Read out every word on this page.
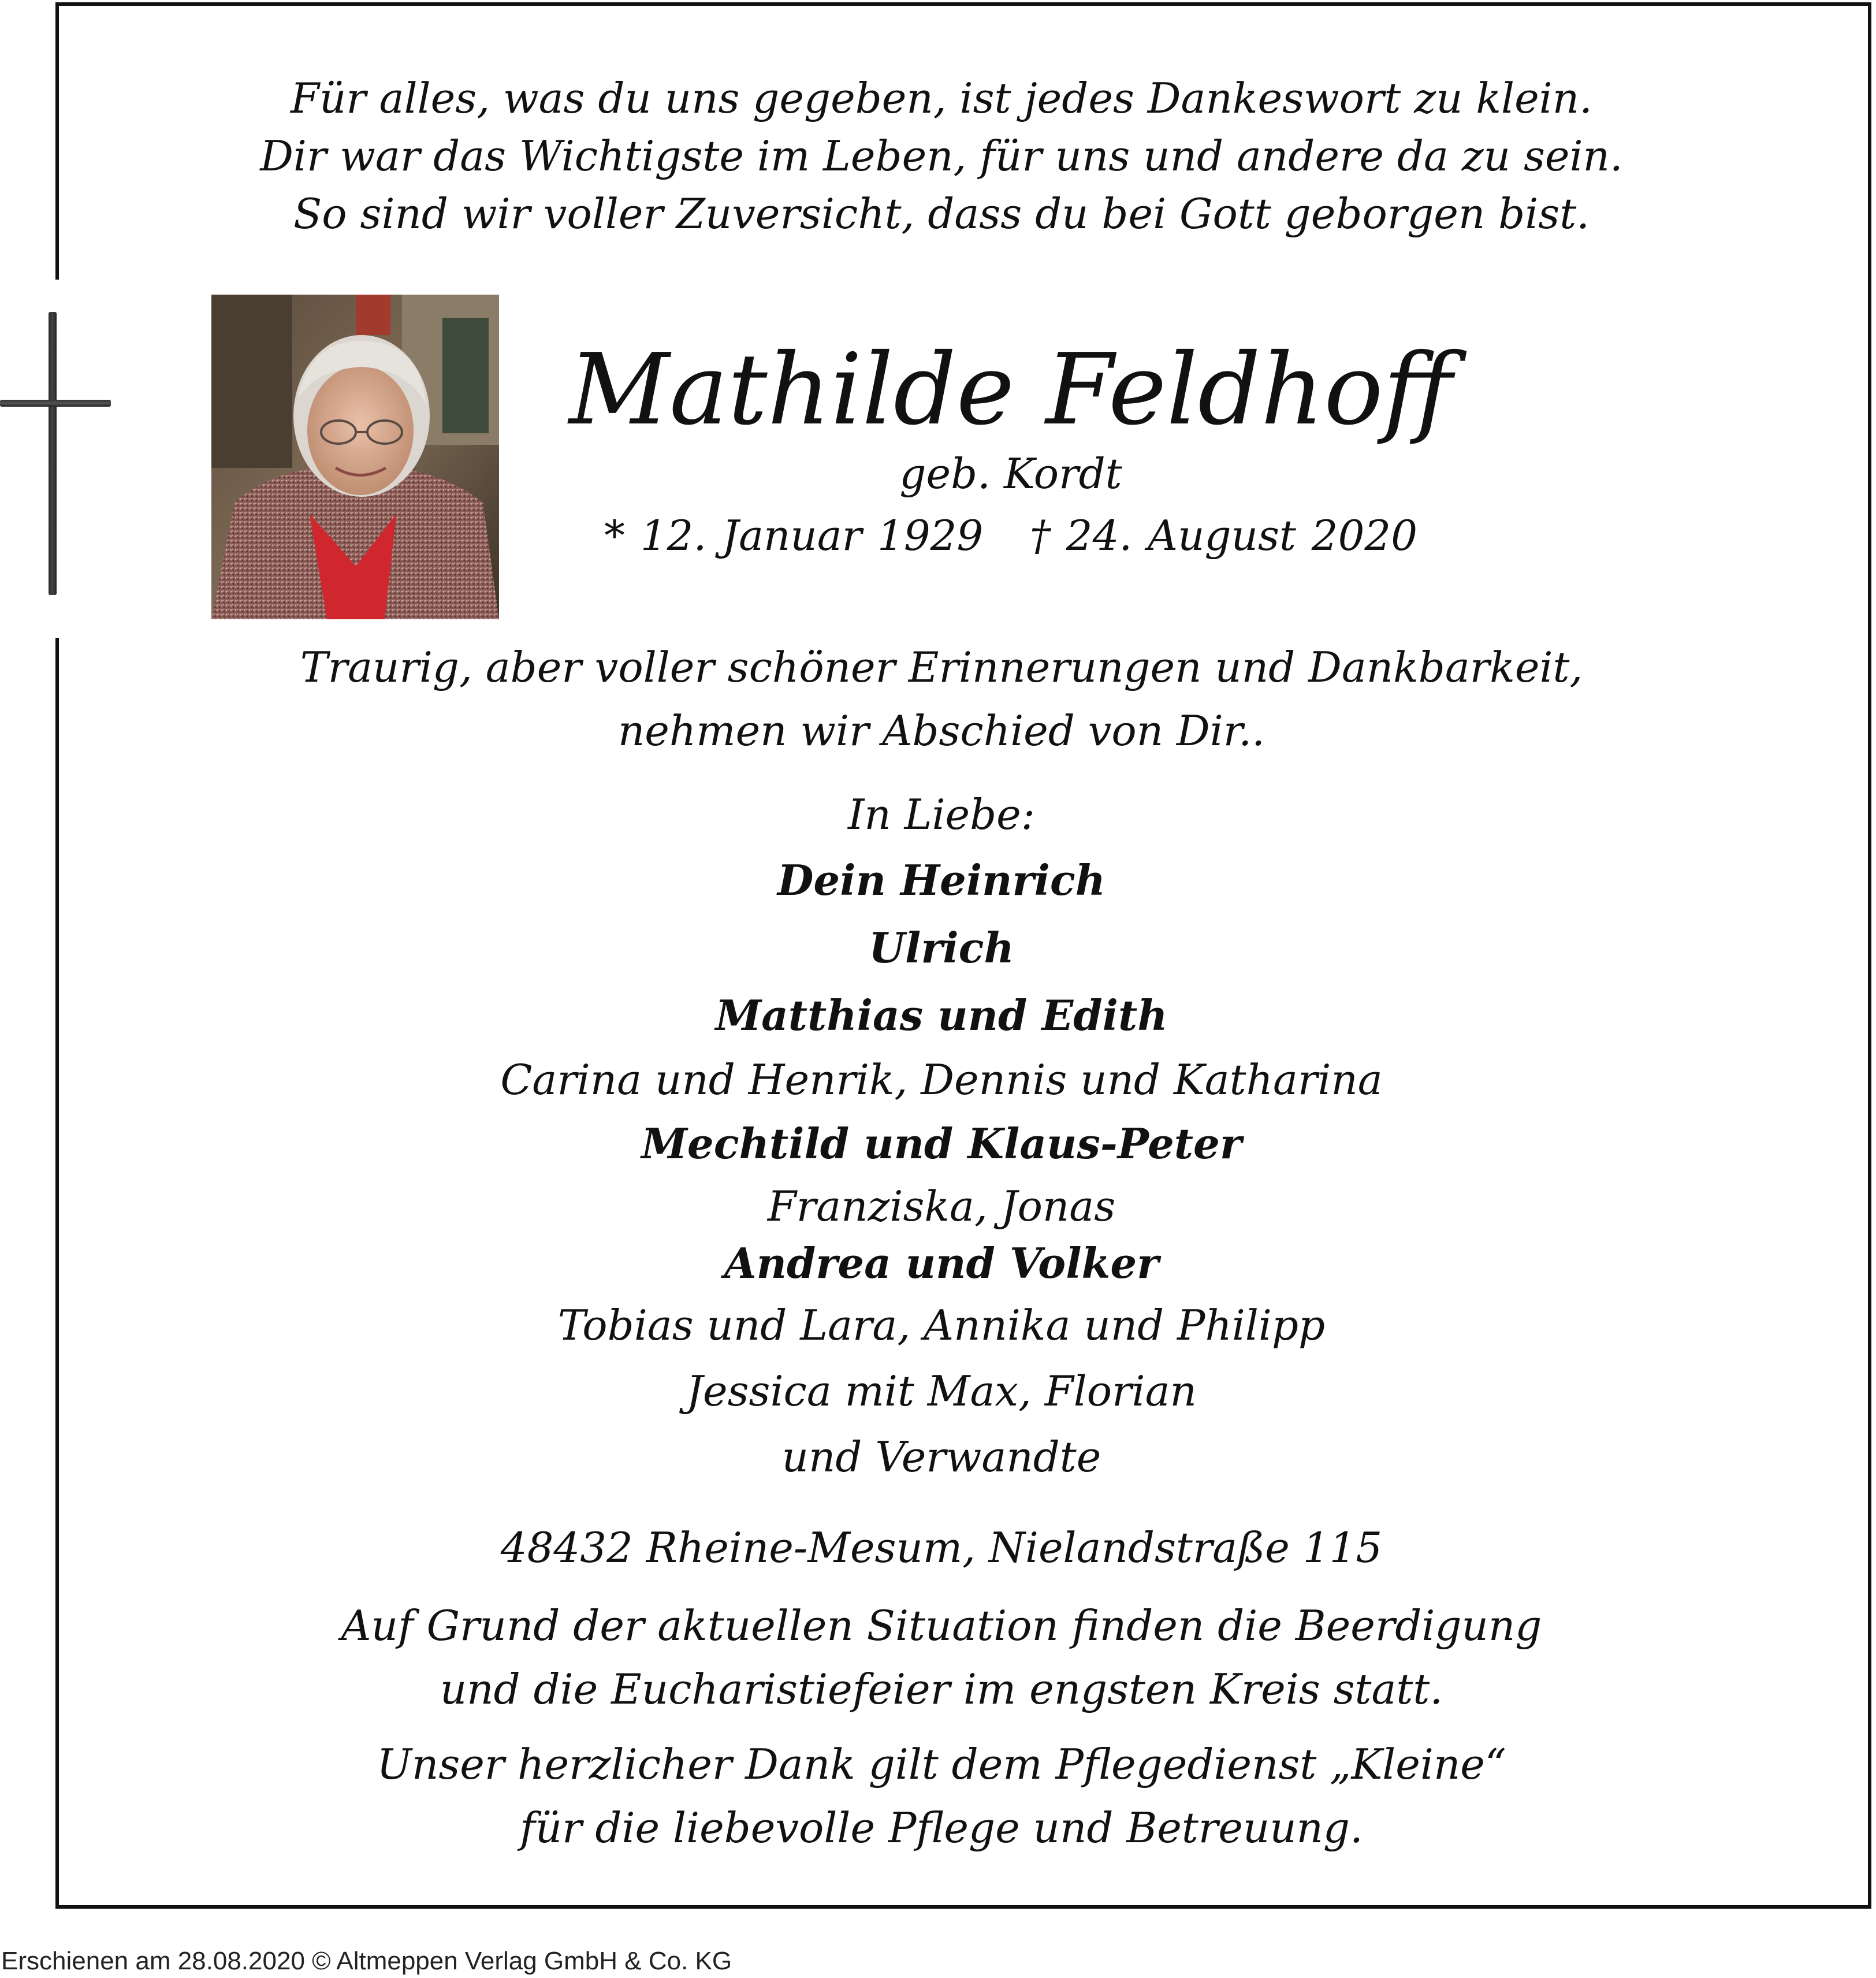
Für alles, was du uns gegeben, ist jedes Dankeswort zu klein.
Dir war das Wichtigste im Leben, für uns und andere da zu sein.
So sind wir voller Zuversicht, dass du bei Gott geborgen bist.
Mathilde Feldhoff
geb. Kordt
* 12. Januar 1929   † 24. August 2020
Traurig, aber voller schöner Erinnerungen und Dankbarkeit,
nehmen wir Abschied von Dir..
In Liebe:
Dein Heinrich
Ulrich
Matthias und Edith
Carina und Henrik, Dennis und Katharina
Mechtild und Klaus-Peter
Franziska, Jonas
Andrea und Volker
Tobias und Lara, Annika und Philipp
Jessica mit Max, Florian
und Verwandte
48432 Rheine-Mesum, Nielandstraße 115
Auf Grund der aktuellen Situation finden die Beerdigung
und die Eucharistiefeier im engsten Kreis statt.
Unser herzlicher Dank gilt dem Pflegedienst „Kleine“
für die liebevolle Pflege und Betreuung.
Erschienen am 28.08.2020 © Altmeppen Verlag GmbH & Co. KG
